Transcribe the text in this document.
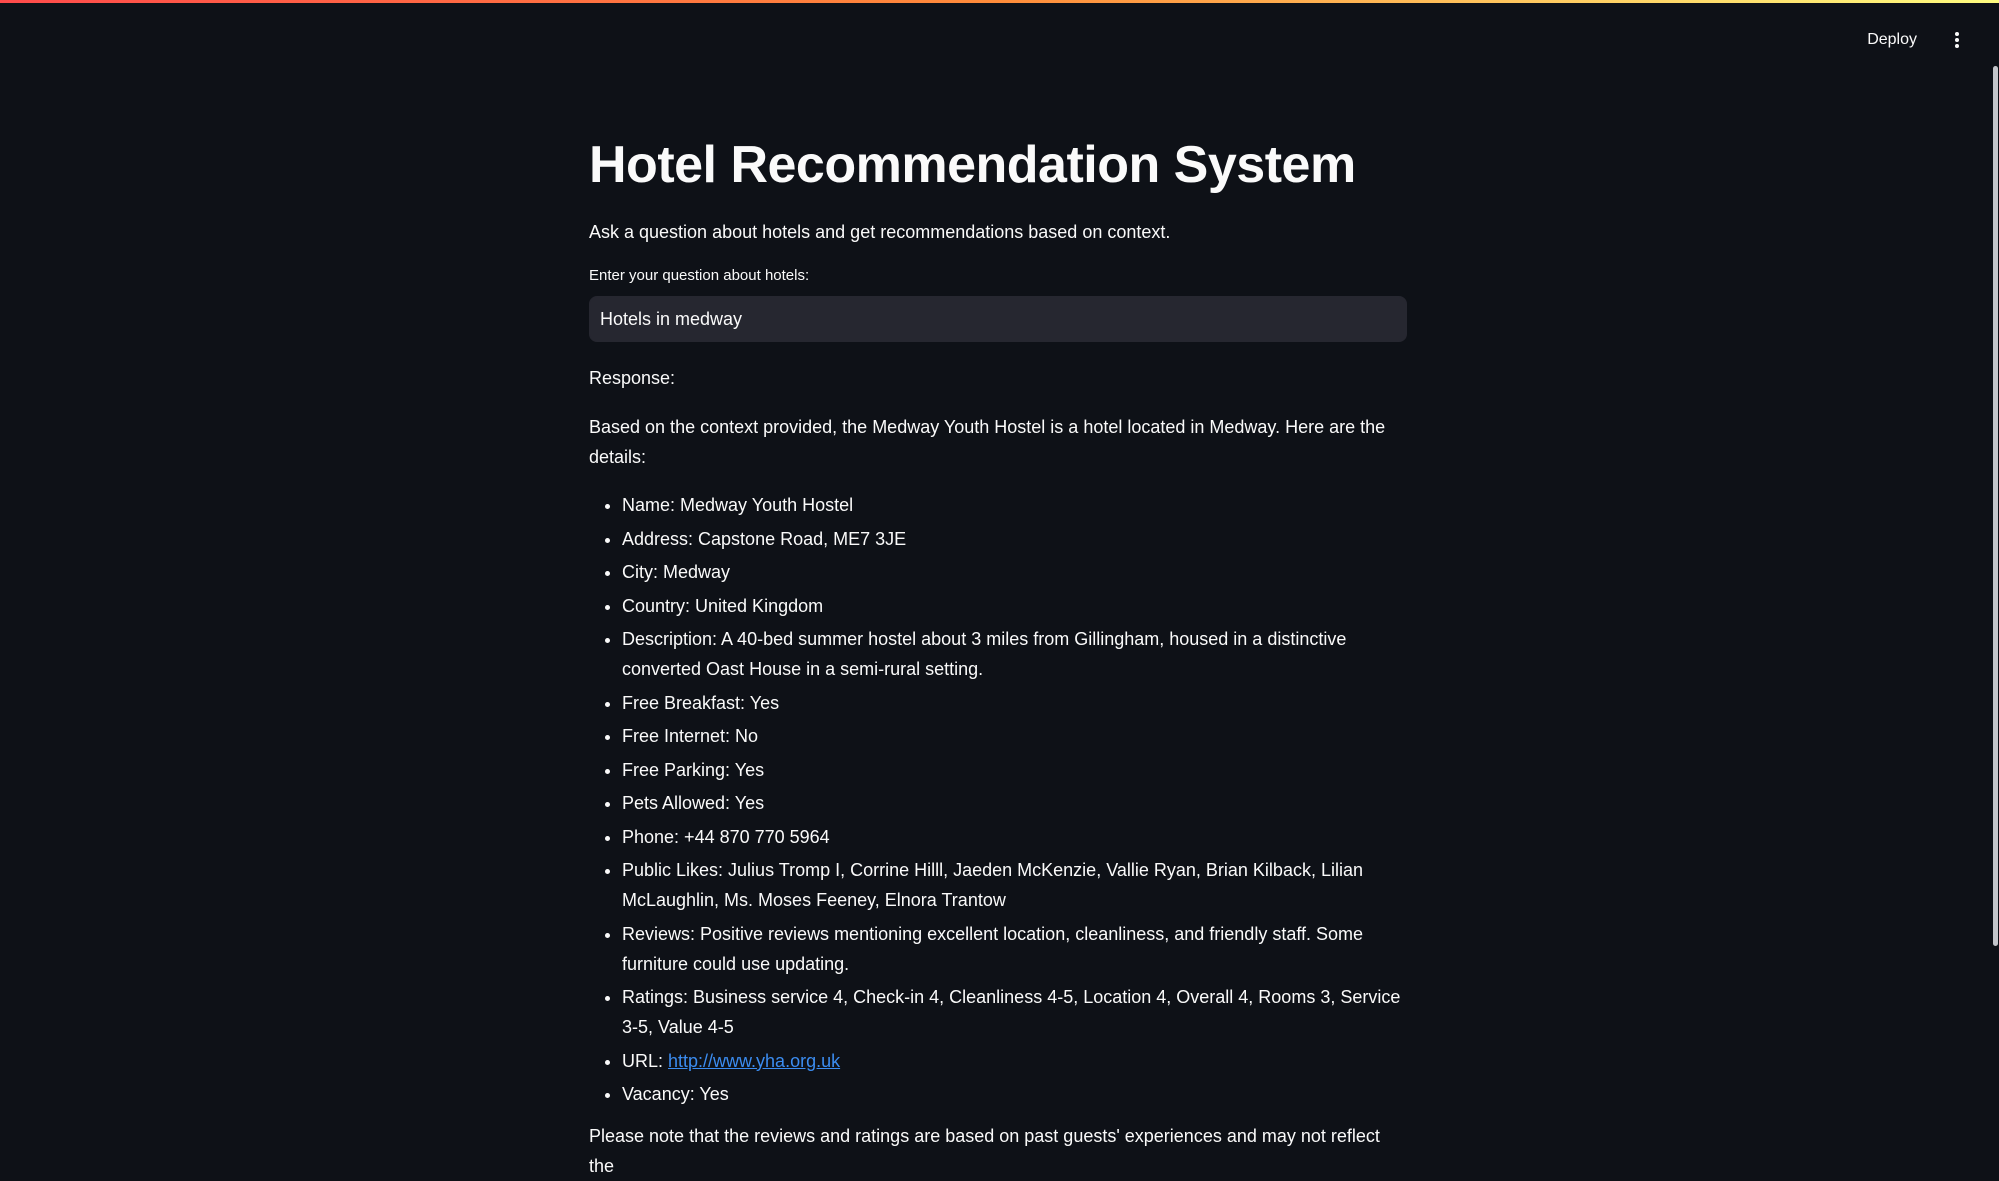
Deploy
Hotel Recommendation System

Ask a question about hotels and get recommendations based on context.

Enter your question about hotels:
Hotels in medway
Response:
Based on the context provided, the Medway Youth Hostel is a hotel located in Medway. Here are the details:
• Name: Medway Youth Hostel
• Address: Capstone Road, ME7 3JE
• City: Medway
• Country: United Kingdom
• Description: A 40-bed summer hostel about 3 miles from Gillingham, housed in a distinctive converted Oast House in a semi-rural setting.
• Free Breakfast: Yes
• Free Internet: No
• Free Parking: Yes
• Pets Allowed: Yes
• Phone: +44 870 770 5964
• Public Likes: Julius Tromp I, Corrine Hilll, Jaeden McKenzie, Vallie Ryan, Brian Kilback, Lilian McLaughlin, Ms. Moses Feeney, Elnora Trantow
• Reviews: Positive reviews mentioning excellent location, cleanliness, and friendly staff. Some furniture could use updating.
• Ratings: Business service 4, Check-in 4, Cleanliness 4-5, Location 4, Overall 4, Rooms 3, Service 3-5, Value 4-5
• URL: http://www.yha.org.uk
• Vacancy: Yes
Please note that the reviews and ratings are based on past guests' experiences and may not reflect the
